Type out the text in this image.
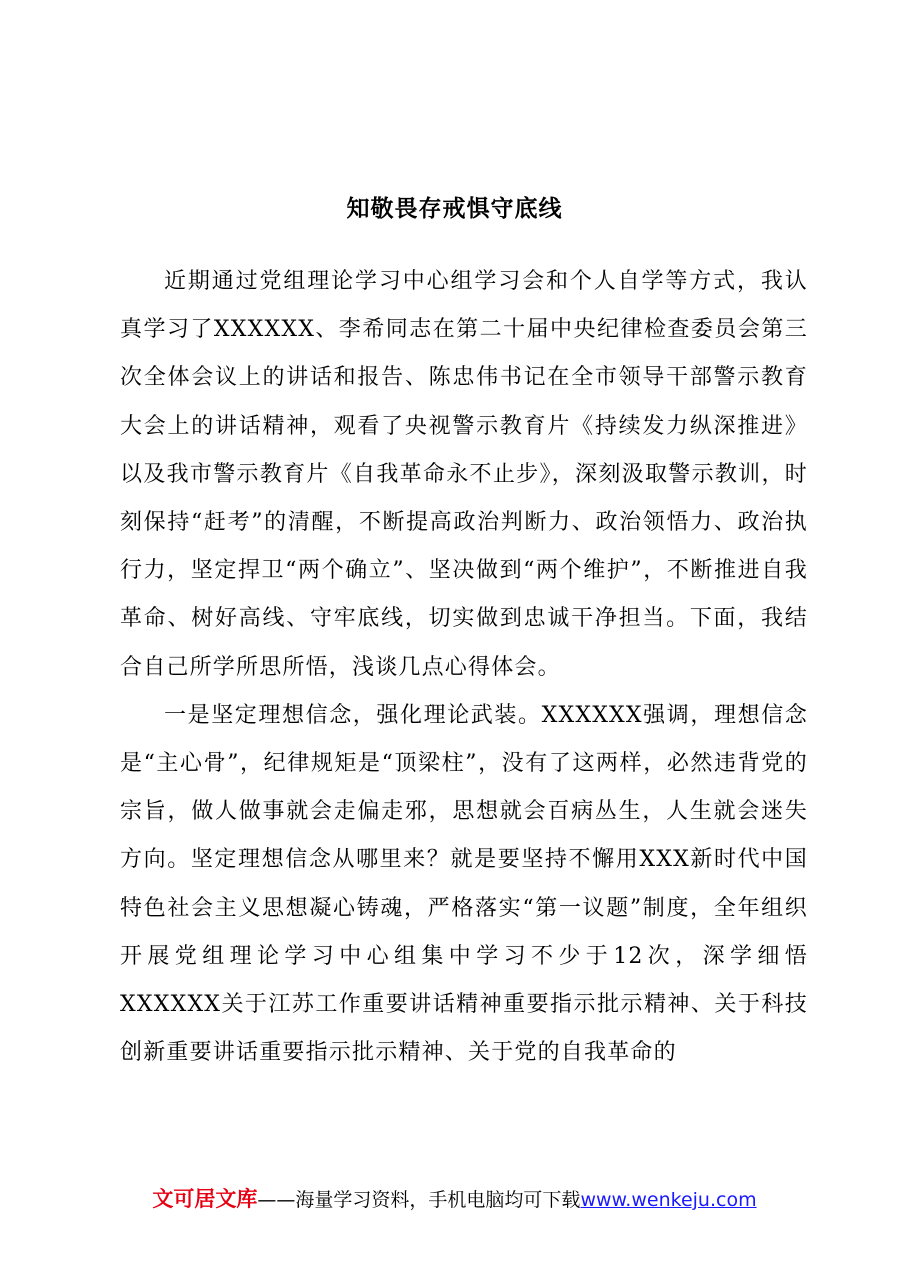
知敬畏存戒惧守底线

近期通过党组理论学习中心组学习会和个人自学等方式，我认真学习了XXXXXX、李希同志在第二十届中央纪律检查委员会第三次全体会议上的讲话和报告、陈忠伟书记在全市领导干部警示教育大会上的讲话精神，观看了央视警示教育片《持续发力纵深推进》以及我市警示教育片《自我革命永不止步》，深刻汲取警示教训，时刻保持“赶考”的清醒，不断提高政治判断力、政治领悟力、政治执行力，坚定捍卫“两个确立”、坚决做到“两个维护”，不断推进自我革命、树好高线、守牢底线，切实做到忠诚干净担当。下面，我结合自己所学所思所悟，浅谈几点心得体会。

一是坚定理想信念，强化理论武装。XXXXXX强调，理想信念是“主心骨”，纪律规矩是“顶梁柱”，没有了这两样，必然违背党的宗旨，做人做事就会走偏走邪，思想就会百病丛生，人生就会迷失方向。坚定理想信念从哪里来？就是要坚持不懈用XXX新时代中国特色社会主义思想凝心铸魂，严格落实“第一议题”制度，全年组织开展党组理论学习中心组集中学习不少于12次，深学细悟XXXXXX关于江苏工作重要讲话精神重要指示批示精神、关于科技创新重要讲话重要指示批示精神、关于党的自我革命的

文可居文库——海量学习资料，手机电脑均可下载www.wenkeju.com
